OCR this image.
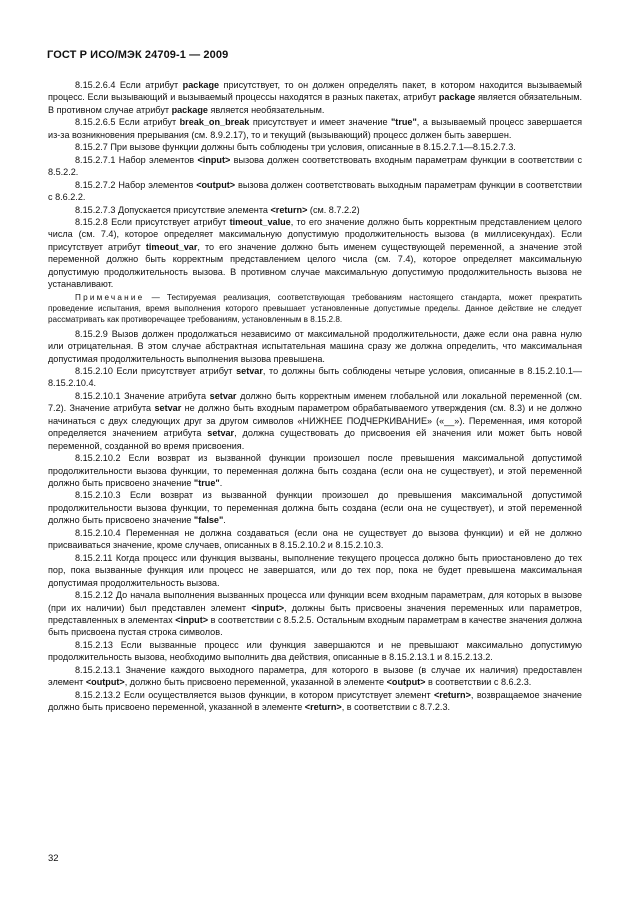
ГОСТ Р ИСО/МЭК 24709-1 — 2009

8.15.2.6.4 Если атрибут package присутствует, то он должен определять пакет, в котором находится вызываемый процесс. Если вызывающий и вызываемый процессы находятся в разных пакетах, атрибут package является обязательным. В противном случае атрибут package является необязательным.

8.15.2.6.5 Если атрибут break_on_break присутствует и имеет значение "true", а вызываемый процесс завершается из-за возникновения прерывания (см. 8.9.2.17), то и текущий (вызывающий) процесс должен быть завершен.

8.15.2.7 При вызове функции должны быть соблюдены три условия, описанные в 8.15.2.7.1—8.15.2.7.3.

8.15.2.7.1 Набор элементов <input> вызова должен соответствовать входным параметрам функции в соответствии с 8.5.2.2.

8.15.2.7.2 Набор элементов <output> вызова должен соответствовать выходным параметрам функции в соответствии с 8.6.2.2.

8.15.2.7.3 Допускается присутствие элемента <return> (см. 8.7.2.2)

8.15.2.8 Если присутствует атрибут timeout_value, то его значение должно быть корректным представлением целого числа (см. 7.4), которое определяет максимальную допустимую продолжительность вызова (в миллисекундах). Если присутствует атрибут timeout_var, то его значение должно быть именем существующей переменной, а значение этой переменной должно быть корректным представлением целого числа (см. 7.4), которое определяет максимальную допустимую продолжительность вызова. В противном случае максимальную допустимую продолжительность вызова не устанавливают.

Примечание — Тестируемая реализация, соответствующая требованиям настоящего стандарта, может прекратить проведение испытания, время выполнения которого превышает установленные допустимые пределы. Данное действие не следует рассматривать как противоречащее требованиям, установленным в 8.15.2.8.

8.15.2.9 Вызов должен продолжаться независимо от максимальной продолжительности, даже если она равна нулю или отрицательная. В этом случае абстрактная испытательная машина сразу же должна определить, что максимальная допустимая продолжительность выполнения вызова превышена.

8.15.2.10 Если присутствует атрибут setvar, то должны быть соблюдены четыре условия, описанные в 8.15.2.10.1—8.15.2.10.4.

8.15.2.10.1 Значение атрибута setvar должно быть корректным именем глобальной или локальной переменной (см. 7.2). Значение атрибута setvar не должно быть входным параметром обрабатываемого утверждения (см. 8.3) и не должно начинаться с двух следующих друг за другом символов «НИЖНЕЕ ПОДЧЕРКИВАНИЕ» («__»). Переменная, имя которой определяется значением атрибута setvar, должна существовать до присвоения ей значения или может быть новой переменной, созданной во время присвоения.

8.15.2.10.2 Если возврат из вызванной функции произошел после превышения максимальной допустимой продолжительности вызова функции, то переменная должна быть создана (если она не существует), и этой переменной должно быть присвоено значение "true".

8.15.2.10.3 Если возврат из вызванной функции произошел до превышения максимальной допустимой продолжительности вызова функции, то переменная должна быть создана (если она не существует), и этой переменной должно быть присвоено значение "false".

8.15.2.10.4 Переменная не должна создаваться (если она не существует до вызова функции) и ей не должно присваиваться значение, кроме случаев, описанных в 8.15.2.10.2 и 8.15.2.10.3.

8.15.2.11 Когда процесс или функция вызваны, выполнение текущего процесса должно быть приостановлено до тех пор, пока вызванные функция или процесс не завершатся, или до тех пор, пока не будет превышена максимальная допустимая продолжительность вызова.

8.15.2.12 До начала выполнения вызванных процесса или функции всем входным параметрам, для которых в вызове (при их наличии) был представлен элемент <input>, должны быть присвоены значения переменных или параметров, представленных в элементах <input> в соответствии с 8.5.2.5. Остальным входным параметрам в качестве значения должна быть присвоена пустая строка символов.

8.15.2.13 Если вызванные процесс или функция завершаются и не превышают максимально допустимую продолжительность вызова, необходимо выполнить два действия, описанные в 8.15.2.13.1 и 8.15.2.13.2.

8.15.2.13.1 Значение каждого выходного параметра, для которого в вызове (в случае их наличия) предоставлен элемент <output>, должно быть присвоено переменной, указанной в элементе <output> в соответствии с 8.6.2.3.

8.15.2.13.2 Если осуществляется вызов функции, в котором присутствует элемент <return>, возвращаемое значение должно быть присвоено переменной, указанной в элементе <return>, в соответствии с 8.7.2.3.

32
